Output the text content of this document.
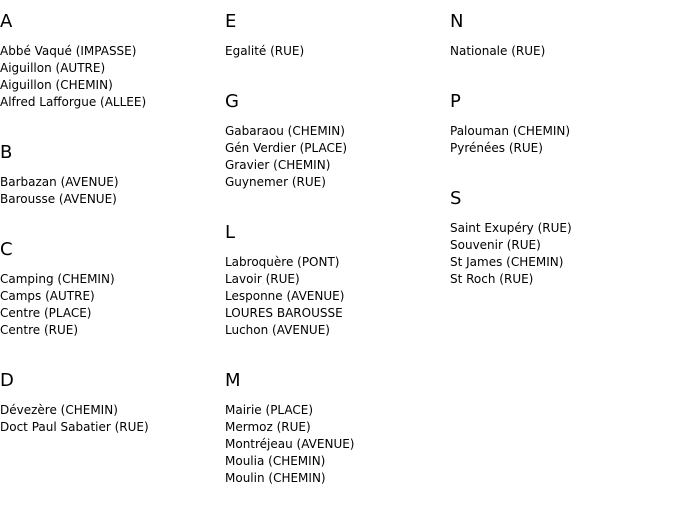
A
Abbé Vaqué (IMPASSE)
Aiguillon (AUTRE)
Aiguillon (CHEMIN)
Alfred Lafforgue (ALLEE)
B
Barbazan (AVENUE)
Barousse (AVENUE)
C
Camping (CHEMIN)
Camps (AUTRE)
Centre (PLACE)
Centre (RUE)
D
Dévezère (CHEMIN)
Doct Paul Sabatier (RUE)
E
Egalité (RUE)
G
Gabaraou (CHEMIN)
Gén Verdier (PLACE)
Gravier (CHEMIN)
Guynemer (RUE)
L
Labroquère (PONT)
Lavoir (RUE)
Lesponne (AVENUE)
LOURES BAROUSSE
Luchon (AVENUE)
M
Mairie (PLACE)
Mermoz (RUE)
Montréjeau (AVENUE)
Moulia (CHEMIN)
Moulin (CHEMIN)
N
Nationale (RUE)
P
Palouman (CHEMIN)
Pyrénées (RUE)
S
Saint Exupéry (RUE)
Souvenir (RUE)
St James (CHEMIN)
St Roch (RUE)
